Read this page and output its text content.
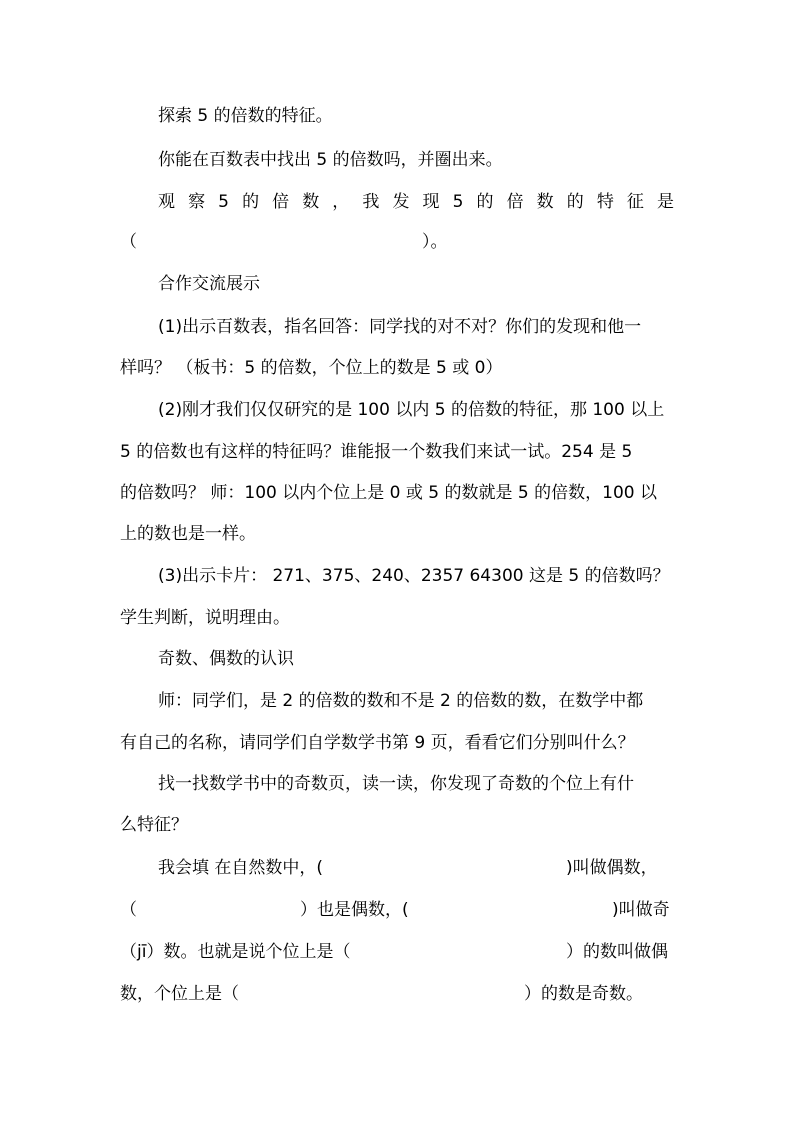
探索 5 的倍数的特征。
你能在百数表中找出 5 的倍数吗，并圈出来。
观 察 5 的 倍 数 ， 我 发 现 5 的 倍 数 的 特 征 是
（	）。
合作交流展示
(1)出示百数表，指名回答：同学找的对不对？你们的发现和他一
样吗？ （板书：5 的倍数，个位上的数是 5 或 0）
(2)刚才我们仅仅研究的是 100 以内 5 的倍数的特征，那 100 以上
5 的倍数也有这样的特征吗？谁能报一个数我们来试一试。254 是 5
的倍数吗？ 师：100 以内个位上是 0 或 5 的数就是 5 的倍数，100 以
上的数也是一样。
(3)出示卡片： 271、375、240、2357 64300 这是 5 的倍数吗？
学生判断，说明理由。
奇数、偶数的认识
师：同学们，是 2 的倍数的数和不是 2 的倍数的数，在数学中都
有自己的名称，请同学们自学数学书第 9 页，看看它们分别叫什么？
找一找数学书中的奇数页，读一读，你发现了奇数的个位上有什
么特征？
我会填 在自然数中，(	)叫做偶数，
（	）也是偶数，(	)叫做奇
（jī）数。也就是说个位上是（	）的数叫做偶
数，个位上是（	）的数是奇数。
